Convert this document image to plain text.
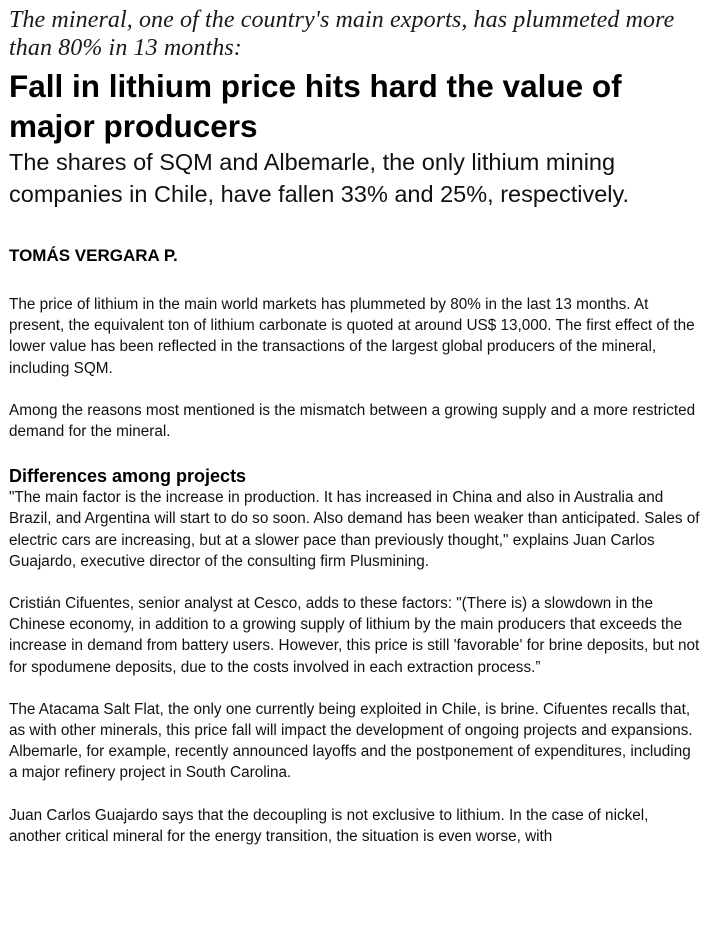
The mineral, one of the country's main exports, has plummeted more than 80% in 13 months:

Fall in lithium price hits hard the value of major producers

The shares of SQM and Albemarle, the only lithium mining companies in Chile, have fallen 33% and 25%, respectively.

TOMÁS VERGARA P.

The price of lithium in the main world markets has plummeted by 80% in the last 13 months. At present, the equivalent ton of lithium carbonate is quoted at around US$ 13,000. The first effect of the lower value has been reflected in the transactions of the largest global producers of the mineral, including SQM.

Among the reasons most mentioned is the mismatch between a growing supply and a more restricted demand for the mineral.

Differences among projects

"The main factor is the increase in production. It has increased in China and also in Australia and Brazil, and Argentina will start to do so soon. Also demand has been weaker than anticipated. Sales of electric cars are increasing, but at a slower pace than previously thought," explains Juan Carlos Guajardo, executive director of the consulting firm Plusmining.

Cristián Cifuentes, senior analyst at Cesco, adds to these factors: "(There is) a slowdown in the Chinese economy, in addition to a growing supply of lithium by the main producers that exceeds the increase in demand from battery users. However, this price is still 'favorable' for brine deposits, but not for spodumene deposits, due to the costs involved in each extraction process.”

The Atacama Salt Flat, the only one currently being exploited in Chile, is brine. Cifuentes recalls that, as with other minerals, this price fall will impact the development of ongoing projects and expansions. Albemarle, for example, recently announced layoffs and the postponement of expenditures, including a major refinery project in South Carolina.

Juan Carlos Guajardo says that the decoupling is not exclusive to lithium. In the case of nickel, another critical mineral for the energy transition, the situation is even worse, with
